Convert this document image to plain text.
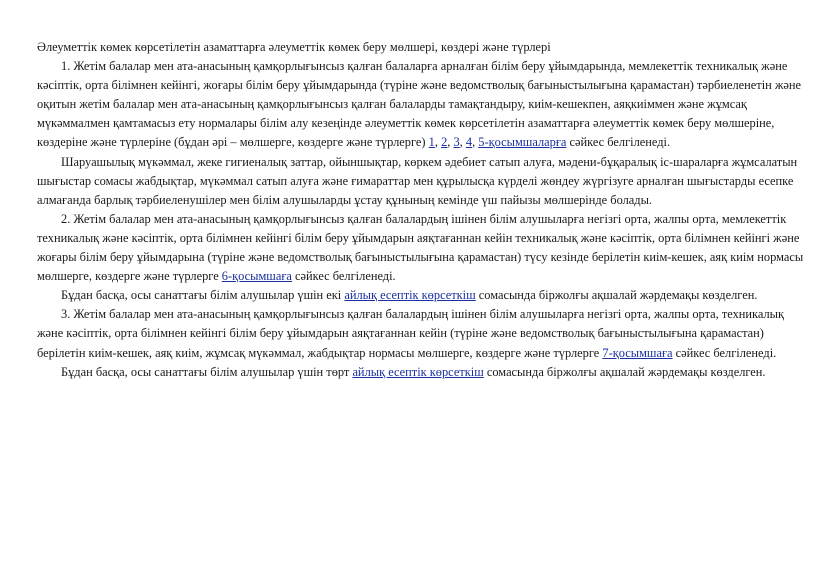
Әлеуметтік көмек көрсетілетін азаматтарға әлеуметтік көмек беру мөлшері, көздері және түрлері

1. Жетім балалар мен ата-анасының қамқорлығынсыз қалған балаларға арналған білім беру ұйымдарында, мемлекеттік техникалық және кәсіптік, орта білімнен кейінгі, жоғары білім беру ұйымдарында (түріне және ведомстволық бағыныстылығына қарамастан) тәрбиеленетін және оқитын жетім балалар мен ата-анасының қамқорлығынсыз қалған балаларды тамақтандыру, киім-кешекпен, аяқкиіммен және жұмсақ мүкәммалмен қамтамасыз ету нормалары білім алу кезеңінде әлеуметтік көмек көрсетілетін азаматтарға әлеуметтік көмек беру мөлшеріне, көздеріне және түрлеріне (бұдан әрі – мөлшерге, көздерге және түрлерге) 1, 2, 3, 4, 5-қосымшаларға сәйкес белгіленеді.

Шаруашылық мүкәммал, жеке гигиеналық заттар, ойыншықтар, көркем әдебиет сатып алуға, мәдени-бұқаралық іс-шараларға жұмсалатын шығыстар сомасы жабдықтар, мүкәммал сатып алуға және ғимараттар мен құрылысқа күрделі жөндеу жүргізуге арналған шығыстарды есепке алмағанда барлық тәрбиеленушілер мен білім алушыларды ұстау құнының кемінде үш пайызы мөлшерінде болады.

2. Жетім балалар мен ата-анасының қамқорлығынсыз қалған балалардың ішінен білім алушыларға негізгі орта, жалпы орта, мемлекеттік техникалық және кәсіптік, орта білімнен кейінгі білім беру ұйымдарын аяқтағаннан кейін техникалық және кәсіптік, орта білімнен кейінгі және жоғары білім беру ұйымдарына (түріне және ведомстволық бағыныстылығына қарамастан) түсу кезінде берілетін киім-кешек, аяқ киім нормасы мөлшерге, көздерге және түрлерге 6-қосымшаға сәйкес белгіленеді.

Бұдан басқа, осы санаттағы білім алушылар үшін екі айлық есептік көрсеткіш сомасында біржолғы ақшалай жәрдемақы көзделген.

3. Жетім балалар мен ата-анасының қамқорлығынсыз қалған балалардың ішінен білім алушыларға негізгі орта, жалпы орта, техникалық және кәсіптік, орта білімнен кейінгі білім беру ұйымдарын аяқтағаннан кейін (түріне және ведомстволық бағыныстылығына қарамастан) берілетін киім-кешек, аяқ киім, жұмсақ мүкәммал, жабдықтар нормасы мөлшерге, көздерге және түрлерге 7-қосымшаға сәйкес белгіленеді.

Бұдан басқа, осы санаттағы білім алушылар үшін төрт айлық есептік көрсеткіш сомасында біржолғы ақшалай жәрдемақы көзделген.
